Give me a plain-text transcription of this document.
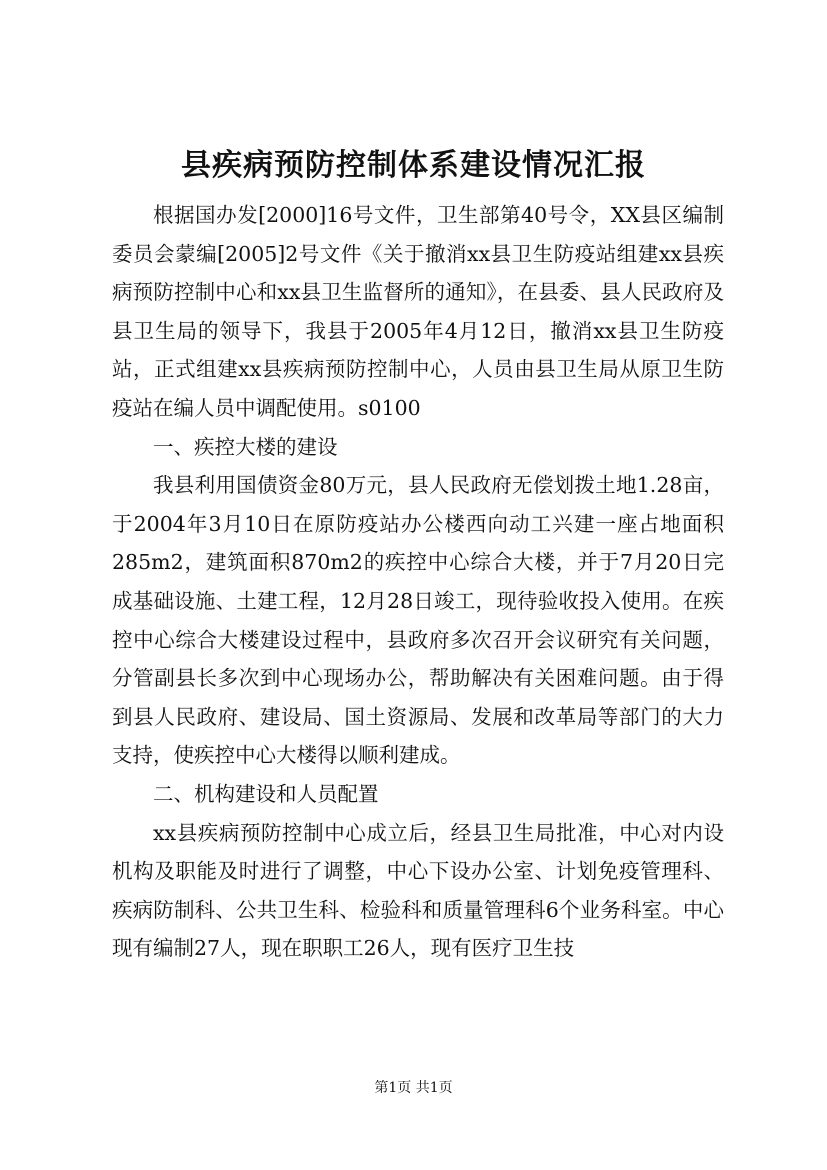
县疾病预防控制体系建设情况汇报

根据国办发[2000]16号文件，卫生部第40号令，XX县区编制委员会蒙编[2005]2号文件《关于撤消xx县卫生防疫站组建xx县疾病预防控制中心和xx县卫生监督所的通知》，在县委、县人民政府及县卫生局的领导下，我县于2005年4月12日，撤消xx县卫生防疫站，正式组建xx县疾病预防控制中心，人员由县卫生局从原卫生防疫站在编人员中调配使用。s0100

一、疾控大楼的建设

我县利用国债资金80万元，县人民政府无偿划拨土地1.28亩，于2004年3月10日在原防疫站办公楼西向动工兴建一座占地面积285m2，建筑面积870m2的疾控中心综合大楼，并于7月20日完成基础设施、土建工程，12月28日竣工，现待验收投入使用。在疾控中心综合大楼建设过程中，县政府多次召开会议研究有关问题，分管副县长多次到中心现场办公，帮助解决有关困难问题。由于得到县人民政府、建设局、国土资源局、发展和改革局等部门的大力支持，使疾控中心大楼得以顺利建成。

二、机构建设和人员配置

xx县疾病预防控制中心成立后，经县卫生局批准，中心对内设机构及职能及时进行了调整，中心下设办公室、计划免疫管理科、疾病防制科、公共卫生科、检验科和质量管理科6个业务科室。中心现有编制27人，现在职职工26人，现有医疗卫生技

第1页 共1页
